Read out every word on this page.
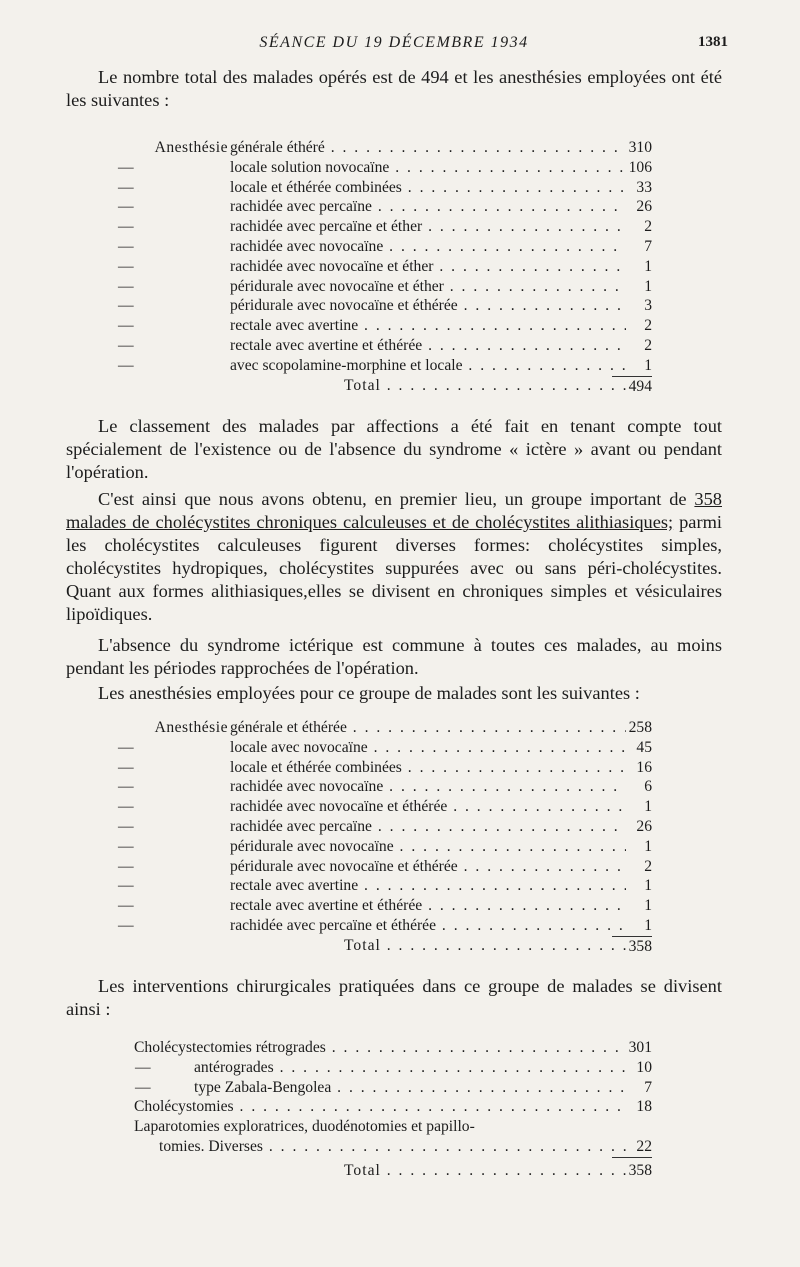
SÉANCE DU 19 DÉCEMBRE 1934	1381

Le nombre total des malades opérés est de 494 et les anesthésies employées ont été les suivantes :

Anesthésie générale éthéré . . .	310
—	locale solution novocaïne . . .	106
—	locale et éthérée combinées . . .	33
—	rachidée avec percaïne . . .	26
—	rachidée avec percaïne et éther . . .	2
—	rachidée avec novocaïne . . .	7
—	rachidée avec novocaïne et éther . . .	1
—	péridurale avec novocaïne et éther . . .	1
—	péridurale avec novocaïne et éthérée . . .	3
—	rectale avec avertine . . .	2
—	rectale avec avertine et éthérée . . .	2
—	avec scopolamine-morphine et locale . . .	1
Total . . .	494

Le classement des malades par affections a été fait en tenant compte tout spécialement de l'existence ou de l'absence du syndrome « ictère » avant ou pendant l'opération.

C'est ainsi que nous avons obtenu, en premier lieu, un groupe important de 358 malades de cholécystites chroniques calculeuses et de cholécystites alithiasiques; parmi les cholécystites calculeuses figurent diverses formes: cholécystites simples, cholécystites hydropiques, cholécystites suppurées avec ou sans péri-cholécystites. Quant aux formes alithiasiques,elles se divisent en chroniques simples et vésiculaires lipoïdiques.

L'absence du syndrome ictérique est commune à toutes ces malades, au moins pendant les périodes rapprochées de l'opération.

Les anesthésies employées pour ce groupe de malades sont les suivantes :

Anesthésie générale et éthérée . . .	258
—	locale avec novocaïne . . .	45
—	locale et éthérée combinées . . .	16
—	rachidée avec novocaïne . . .	6
—	rachidée avec novocaïne et éthérée . . .	1
—	rachidée avec percaïne . . .	26
—	péridurale avec novocaïne . . .	1
—	péridurale avec novocaïne et éthérée . . .	2
—	rectale avec avertine . . .	1
—	rectale avec avertine et éthérée . . .	1
—	rachidée avec percaïne et éthérée . . .	1
Total . . .	358

Les interventions chirurgicales pratiquées dans ce groupe de malades se divisent ainsi :

Cholécystectomies rétrogrades . . .	301
—	antérogrades . . .	10
—	type Zabala-Bengolea . . .	7
Cholécystomies . . .	18
Laparotomies exploratrices, duodénotomies et papillo-
tomies. Diverses . . .	22
Total . . .	358
